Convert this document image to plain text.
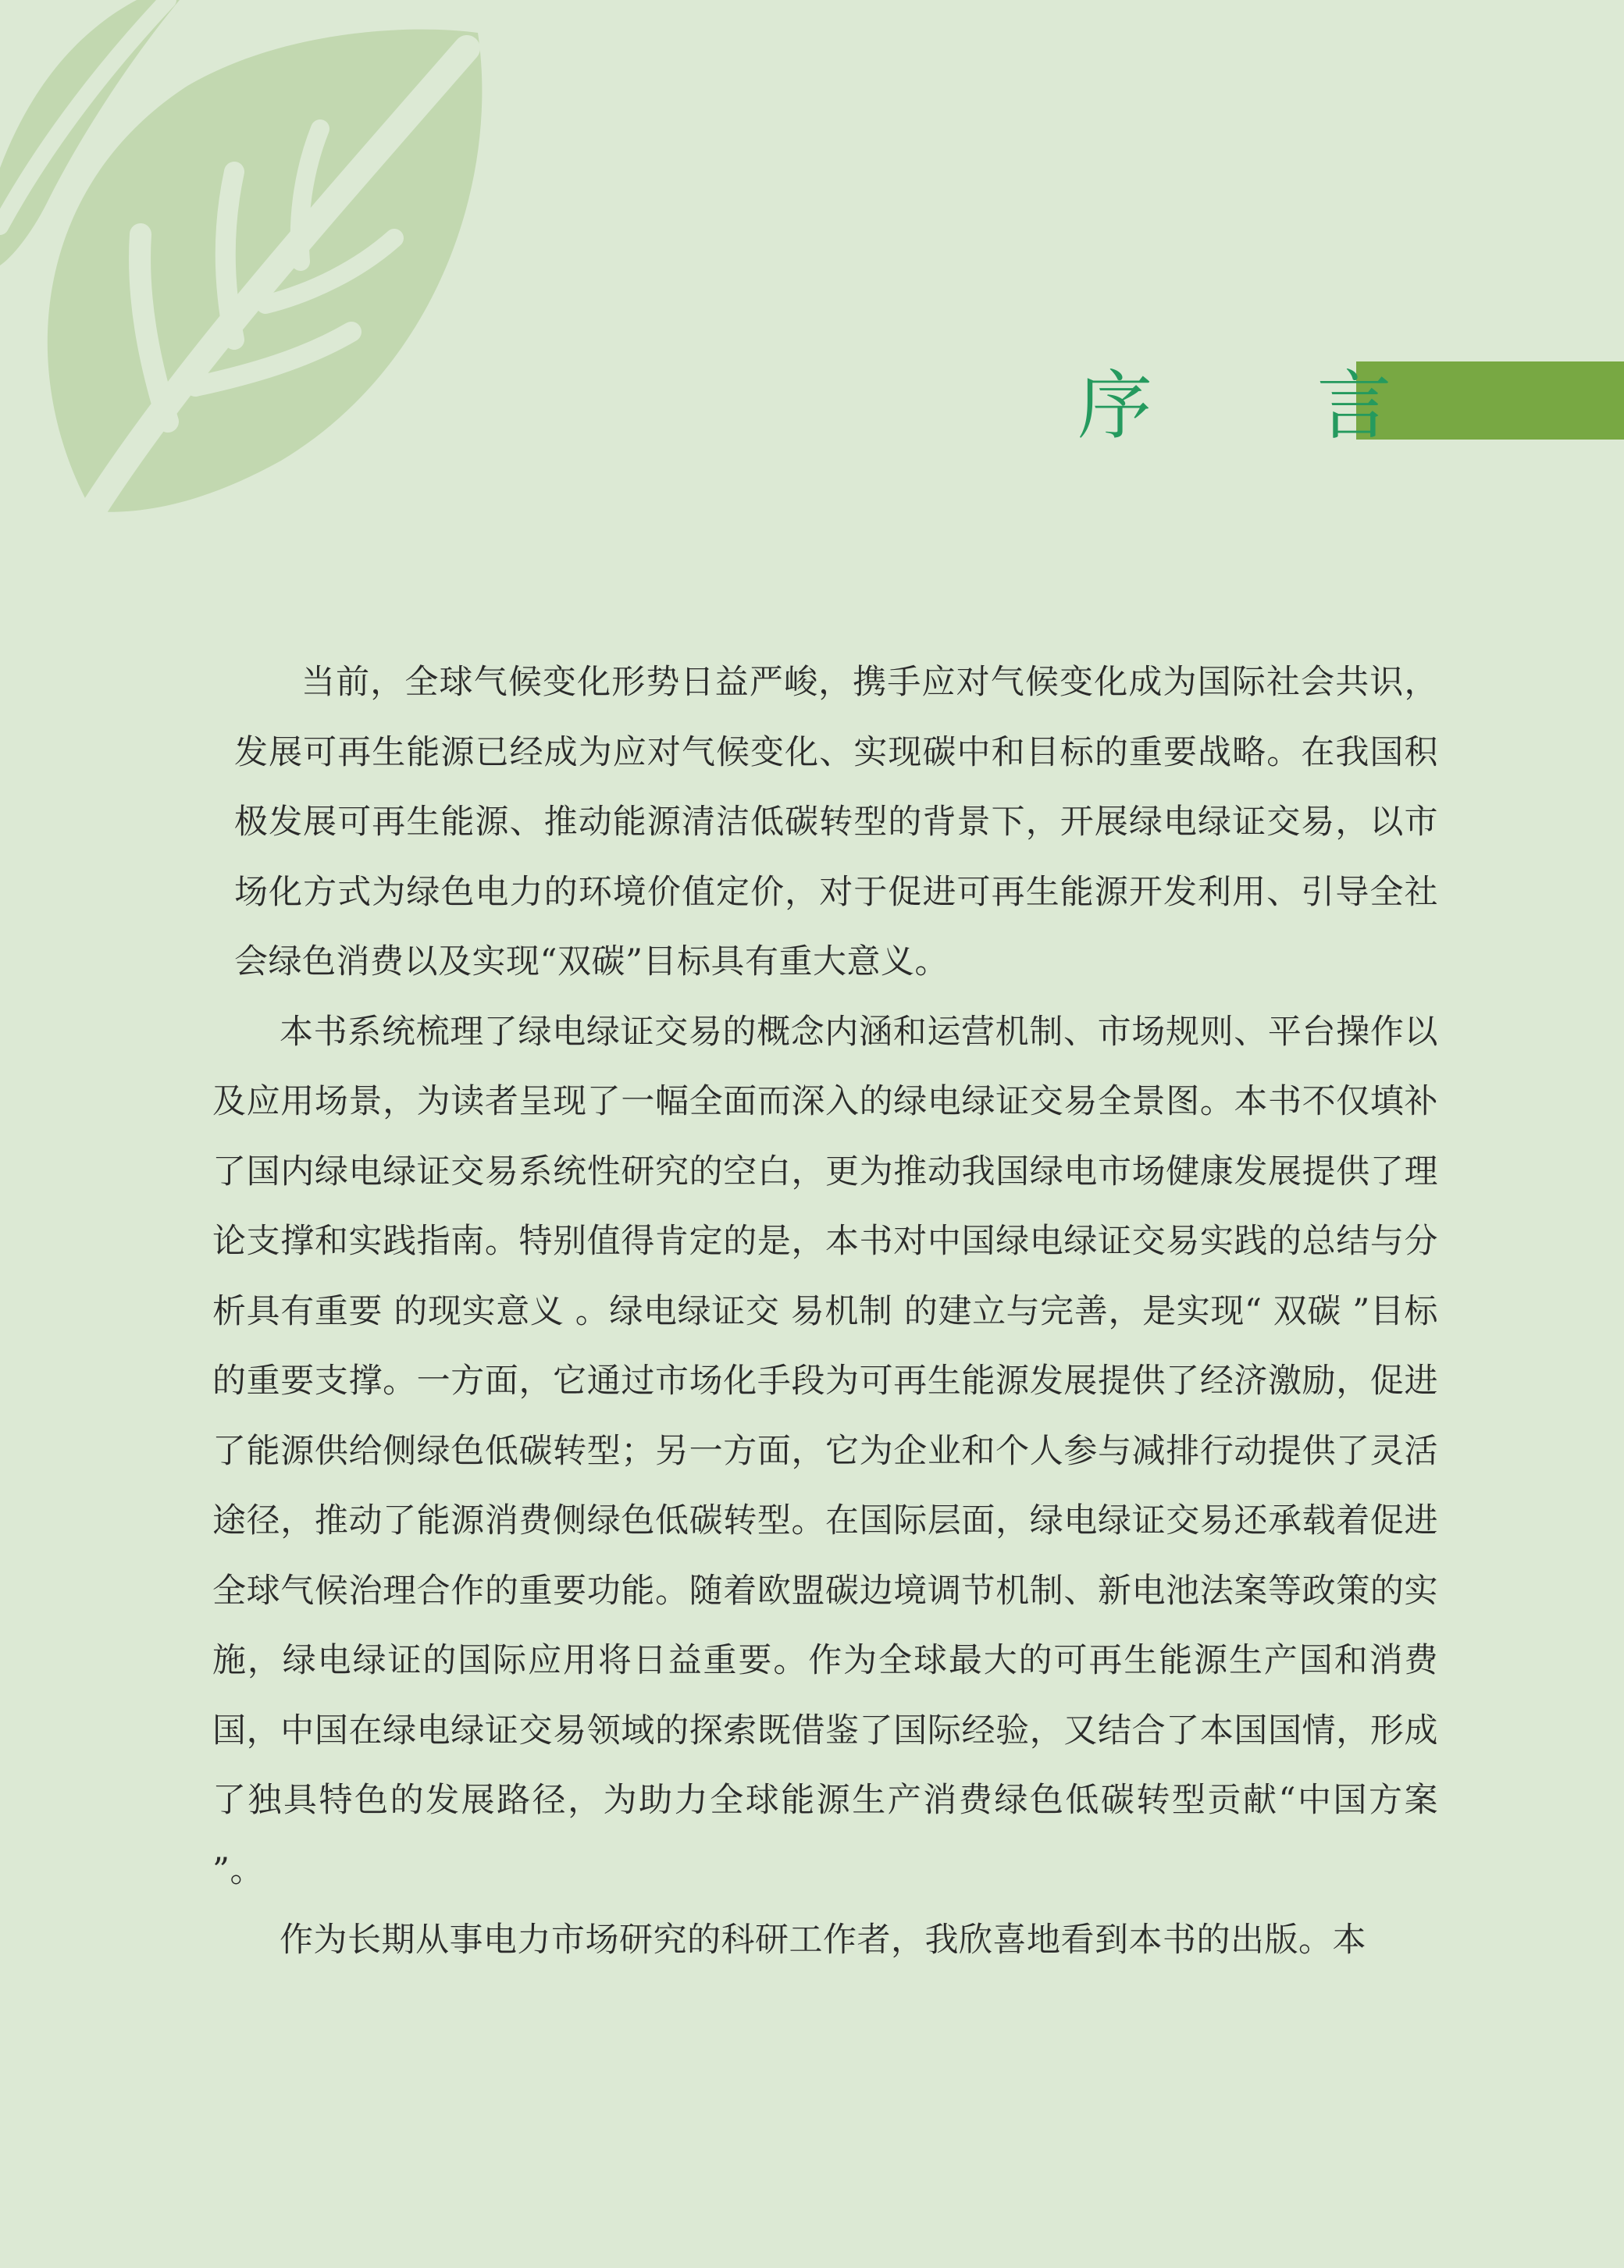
序 言

当前，全球气候变化形势日益严峻，携手应对气候变化成为国际社会共识，发展可再生能源已经成为应对气候变化、实现碳中和目标的重要战略。在我国积极发展可再生能源、推动能源清洁低碳转型的背景下，开展绿电绿证交易，以市场化方式为绿色电力的环境价值定价，对于促进可再生能源开发利用、引导全社会绿色消费以及实现“双碳”目标具有重大意义。

本书系统梳理了绿电绿证交易的概念内涵和运营机制、市场规则、平台操作以及应用场景，为读者呈现了一幅全面而深入的绿电绿证交易全景图。本书不仅填补了国内绿电绿证交易系统性研究的空白，更为推动我国绿电市场健康发展提供了理论支撑和实践指南。特别值得肯定的是，本书对中国绿电绿证交易实践的总结与分析具有重要 的现实意义 。绿电绿证交 易机制 的建立与完善，是实现“ 双碳 ”目标的重要支撑。一方面，它通过市场化手段为可再生能源发展提供了经济激励，促进了能源供给侧绿色低碳转型；另一方面，它为企业和个人参与减排行动提供了灵活途径，推动了能源消费侧绿色低碳转型。在国际层面，绿电绿证交易还承载着促进全球气候治理合作的重要功能。随着欧盟碳边境调节机制、新电池法案等政策的实施，绿电绿证的国际应用将日益重要。作为全球最大的可再生能源生产国和消费国，中国在绿电绿证交易领域的探索既借鉴了国际经验，又结合了本国国情，形成了独具特色的发展路径，为助力全球能源生产消费绿色低碳转型贡献“中国方案 ”。

作为长期从事电力市场研究的科研工作者，我欣喜地看到本书的出版。本
